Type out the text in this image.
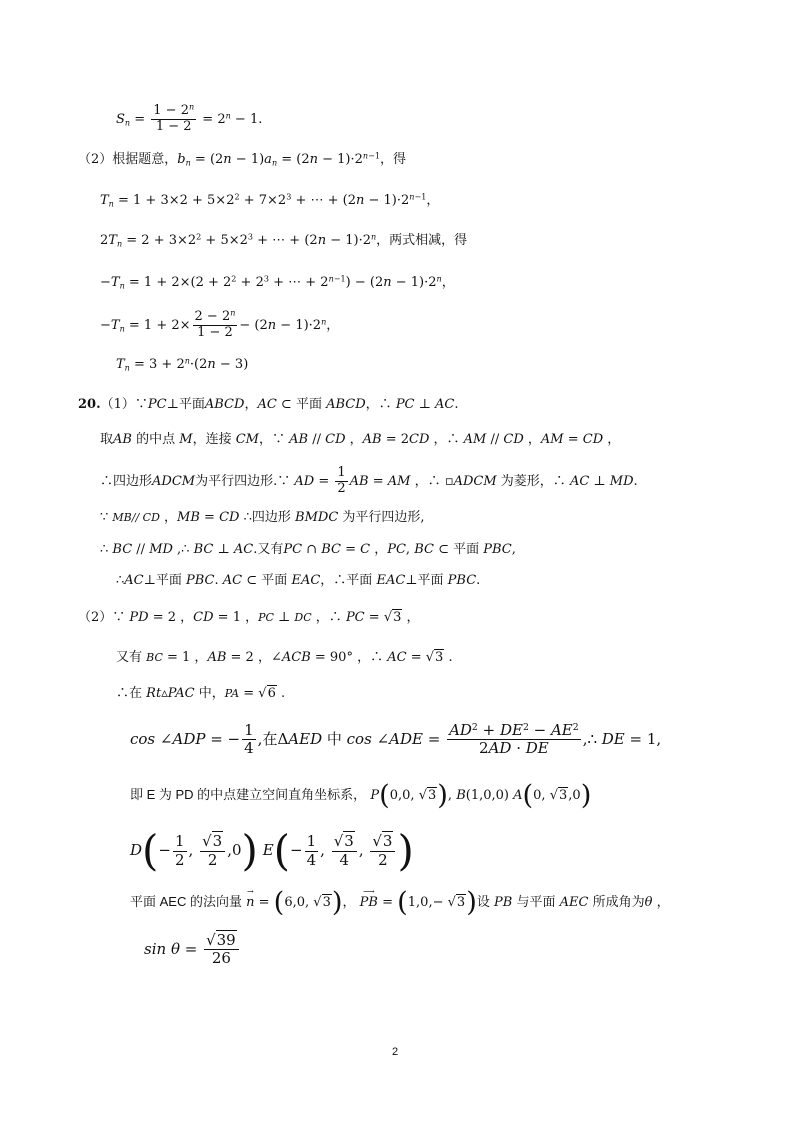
$S_n = \frac{1 - 2^n}{1 - 2} = 2^n - 1$.
（2）根据题意，$b_n = (2n - 1)a_n = (2n - 1)\cdot 2^{n-1}$，得
$T_n = 1 + 3\times 2 + 5\times 2^2 + 7\times 2^3$ + ⋯ + $(2n - 1)\cdot 2^{n-1}$，
$2T_n = 2 + 3\times 2^2 + 5\times 2^3$ + ⋯ + $(2n - 1)\cdot 2^n$，两式相减，得
$-T_n = 1 + 2\times(2 + 2^2 + 2^3$ + ⋯ + $2^{n-1}) - (2n - 1)\cdot 2^n$，
$-T_n = 1 + 2\times \frac{2 - 2^n}{1 - 2} - (2n - 1)\cdot 2^n$，
$T_n = 3 + 2^n\cdot(2n - 3)$
20.（1）∵PC⊥平面ABCD，AC ⊂ 平面 ABCD，∴ PC ⊥ AC.
取AB 的中点 M，连接 CM，∵ AB // CD ，AB = 2CD ，∴ AM // CD ，AM = CD ，
∴四边形ADCM为平行四边形.∵ AD = $\frac{1}{2}$ AB = AM ，∴ ▫ADCM 为菱形，∴ AC ⊥ MD.
∵ MB// CD ，MB = CD ∴四边形 BMDC 为平行四边形,
∴ BC // MD ,∴ BC ⊥ AC.又有PC ∩ BC = C ，PC, BC ⊂ 平面 PBC,
∴AC⊥平面 PBC. AC ⊂ 平面 EAC，∴平面 EAC⊥平面 PBC.
（2）∵ PD = 2 ，CD = 1 ，PC ⊥ DC ，∴ PC = √3 ，
又有 BC = 1 ，AB = 2 ，∠ACB = 90° ，∴ AC = √3 .
∴在 Rt▵PAC 中，PA = √6 .
cos ∠ADP = − $\frac{1}{4}$ ,在ΔAED 中 cos ∠ADE = $\frac{AD^2 + DE^2 - AE^2}{2AD \cdot DE}$ ,∴ DE = 1,
即 E 为 PD 的中点建立空间直角坐标系， P(0,0, √3), B(1,0,0) A(0, √3,0)
$D(- \frac{1}{2}$ , $\frac{√3}{2} ,0$) $E(- \frac{1}{4}$ , $\frac{√3}{4}$ , $\frac{√3}{2}$ )
平面 AEC 的法向量
→
n = (6,0, √3)，
⟶
PB = (1,0,− √3)设 PB 与平面 AEC 所成角为θ ，
$\sin \theta = \frac{√39}{26}$
2
